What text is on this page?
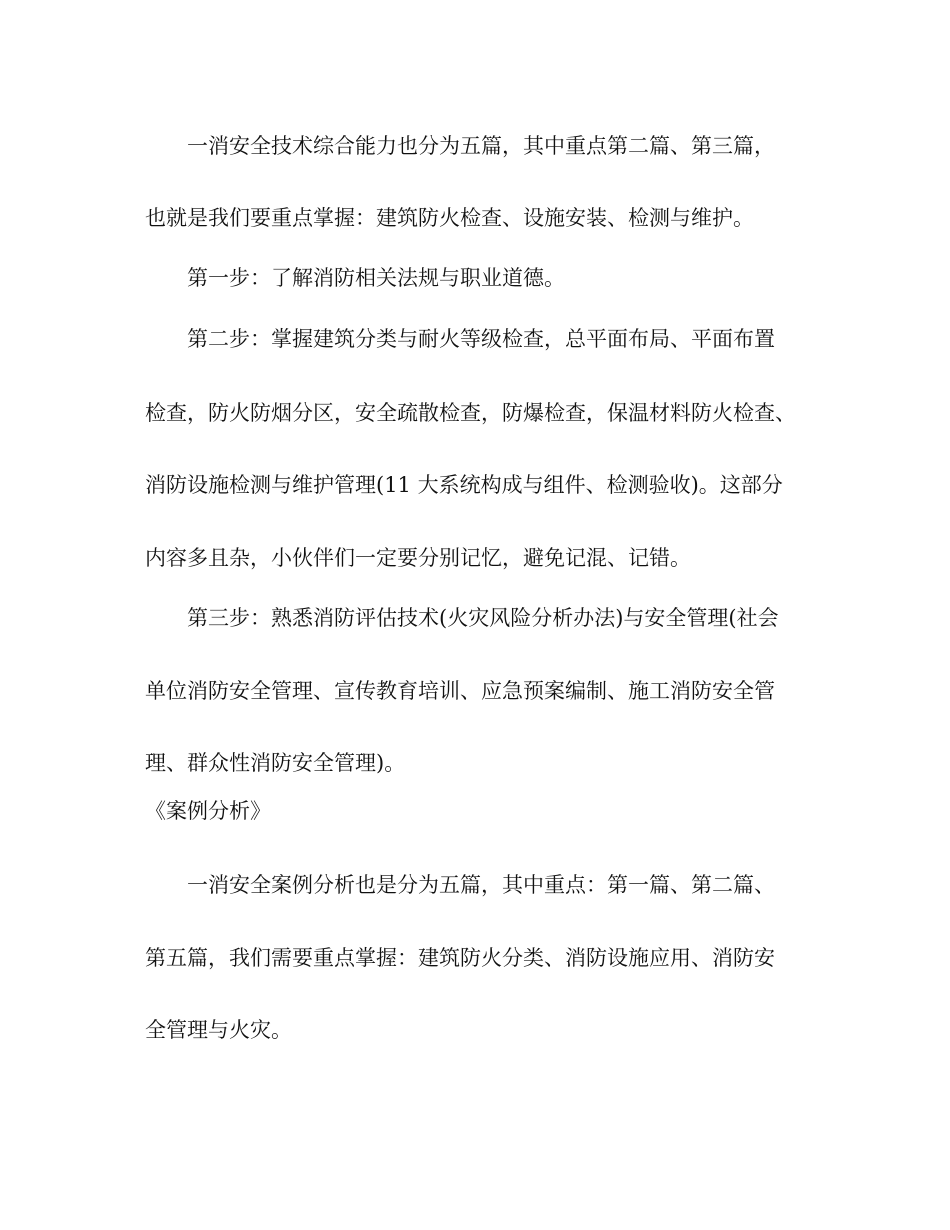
一消安全技术综合能力也分为五篇，其中重点第二篇、第三篇，

也就是我们要重点掌握：建筑防火检查、设施安装、检测与维护。

第一步：了解消防相关法规与职业道德。

第二步：掌握建筑分类与耐火等级检查，总平面布局、平面布置

检查，防火防烟分区，安全疏散检查，防爆检查，保温材料防火检查、

消防设施检测与维护管理(11 大系统构成与组件、检测验收)。这部分

内容多且杂，小伙伴们一定要分别记忆，避免记混、记错。

第三步：熟悉消防评估技术(火灾风险分析办法)与安全管理(社会

单位消防安全管理、宣传教育培训、应急预案编制、施工消防安全管

理、群众性消防安全管理)。

《案例分析》

一消安全案例分析也是分为五篇，其中重点：第一篇、第二篇、

第五篇，我们需要重点掌握：建筑防火分类、消防设施应用、消防安

全管理与火灾。
